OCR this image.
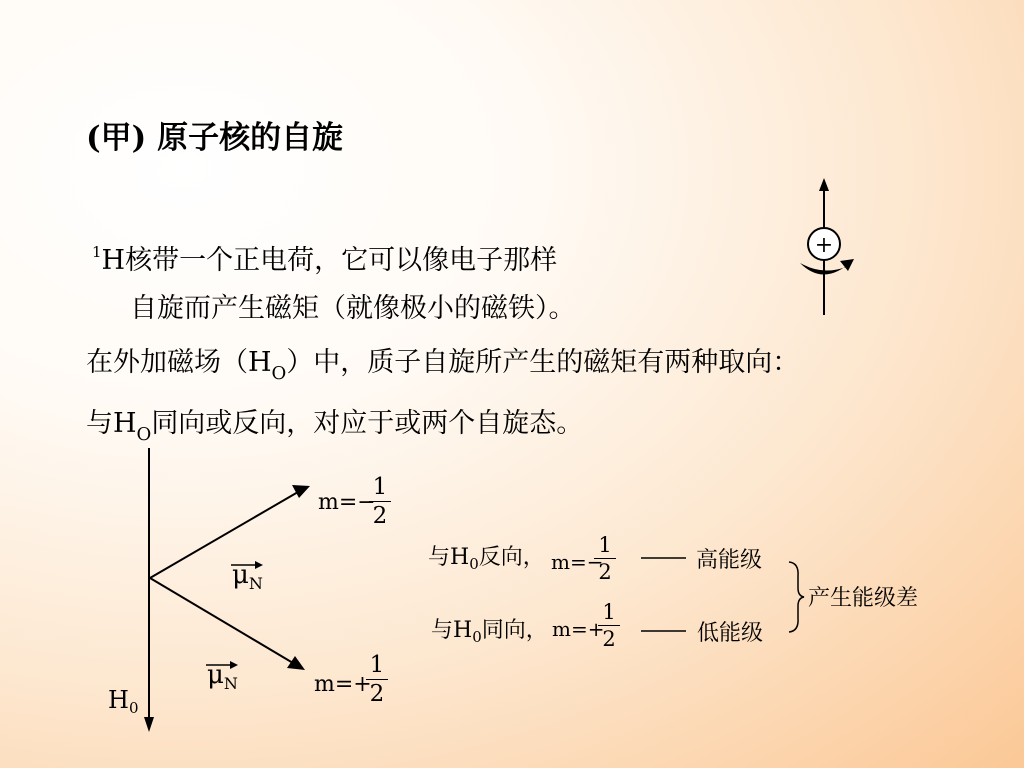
(甲) 原子核的自旋
$^1$H核带一个正电荷，它可以像电子那样
自旋而产生磁矩（就像极小的磁铁）。
在外加磁场$(H_O)$中，质子自旋所产生的磁矩有两种取向：
与$H_O$同向或反向，对应于或两个自旋态。
+
m=−
1
2
m=+
1
2
$\mu_N$
$\mu_N$
$H_0$
与$H_0$反向， m=−
1
2	高能级
与$H_0$同向， m=+
1
2	低能级
产生能级差
